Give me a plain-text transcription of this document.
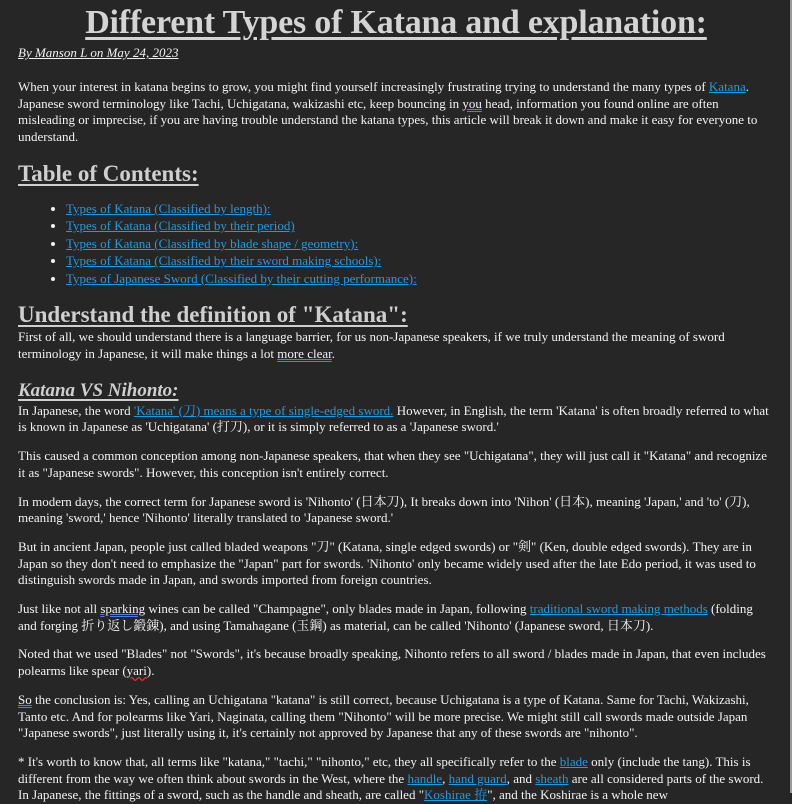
Different Types of Katana and explanation:
By Manson L on May 24, 2023

When your interest in katana begins to grow, you might find yourself increasingly frustrating trying to understand the many types of Katana. Japanese sword terminology like Tachi, Uchigatana, wakizashi etc, keep bouncing in you head, information you found online are often misleading or imprecise, if you are having trouble understand the katana types, this article will break it down and make it easy for everyone to understand.

Table of Contents:
• Types of Katana (Classified by length):
• Types of Katana (Classified by their period)
• Types of Katana (Classified by blade shape / geometry):
• Types of Katana (Classified by their sword making schools):
• Types of Japanese Sword (Classified by their cutting performance):
Understand the definition of "Katana":

First of all, we should understand there is a language barrier, for us non-Japanese speakers, if we truly understand the meaning of sword terminology in Japanese, it will make things a lot more clear.

Katana VS Nihonto:

In Japanese, the word 'Katana' (刀) means a type of single-edged sword. However, in English, the term 'Katana' is often broadly referred to what is known in Japanese as 'Uchigatana' (打刀), or it is simply referred to as a 'Japanese sword.'

This caused a common conception among non-Japanese speakers, that when they see "Uchigatana", they will just call it "Katana" and recognize it as "Japanese swords". However, this conception isn't entirely correct.

In modern days, the correct term for Japanese sword is 'Nihonto' (日本刀), It breaks down into 'Nihon' (日本), meaning 'Japan,' and 'to' (刀), meaning 'sword,' hence 'Nihonto' literally translated to 'Japanese sword.'

But in ancient Japan, people just called bladed weapons "刀" (Katana, single edged swords) or "剣" (Ken, double edged swords). They are in Japan so they don't need to emphasize the "Japan" part for swords. 'Nihonto' only became widely used after the late Edo period, it was used to distinguish swords made in Japan, and swords imported from foreign countries.

Just like not all sparking wines can be called "Champagne", only blades made in Japan, following traditional sword making methods (folding and forging 折り返し鍛錬), and using Tamahagane (玉鋼) as material, can be called 'Nihonto' (Japanese sword, 日本刀).

Noted that we used "Blades" not "Swords", it's because broadly speaking, Nihonto refers to all sword / blades made in Japan, that even includes polearms like spear (yari).

So the conclusion is: Yes, calling an Uchigatana "katana" is still correct, because Uchigatana is a type of Katana. Same for Tachi, Wakizashi, Tanto etc. And for polearms like Yari, Naginata, calling them "Nihonto" will be more precise. We might still call swords made outside Japan "Japanese swords", just literally using it, it's certainly not approved by Japanese that any of these swords are "nihonto".

* It's worth to know that, all terms like "katana," "tachi," "nihonto," etc, they all specifically refer to the blade only (include the tang). This is different from the way we often think about swords in the West, where the handle, hand guard, and sheath are all considered parts of the sword. In Japanese, the fittings of a sword, such as the handle and sheath, are called "Koshirae 拵", and the Koshirae is a whole new
